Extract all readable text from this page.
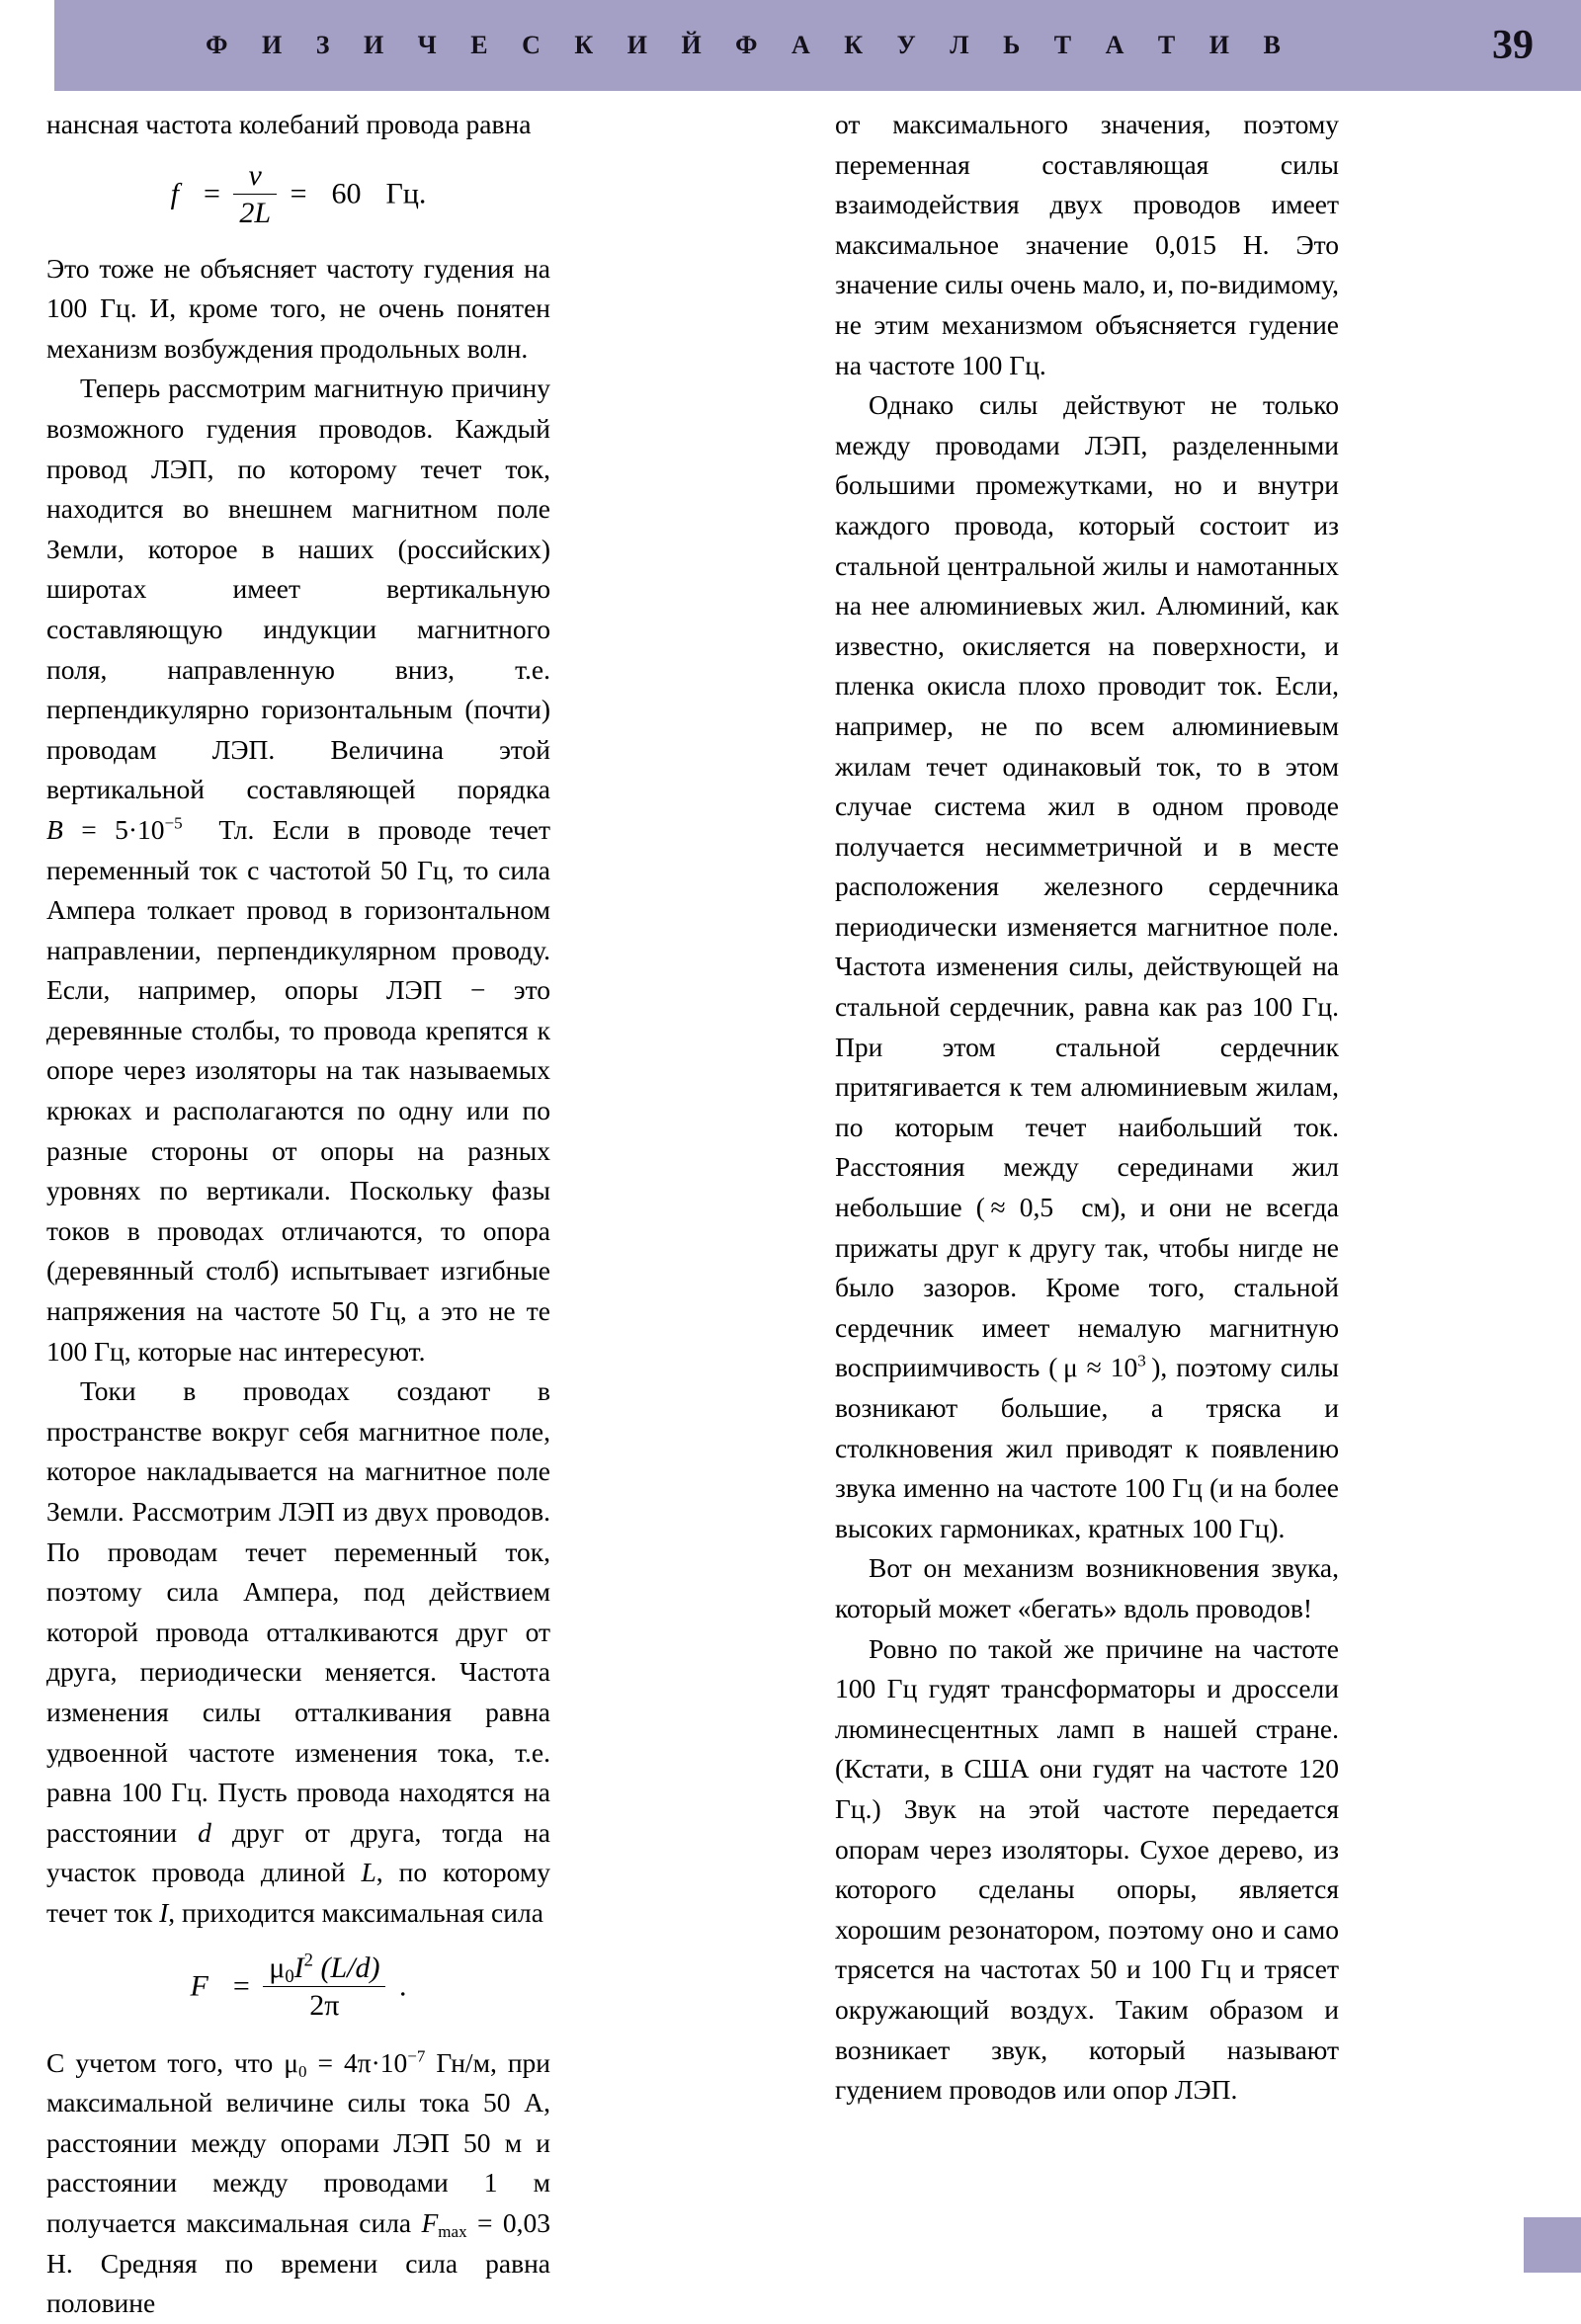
Ф И З И Ч Е С К И Й Ф А К У Л Ь Т А Т И В	39

нансная частота колебаний провода равна

$f = \frac{v}{2L} = 60$ Гц.

Это тоже не объясняет частоту гудения на 100 Гц. И, кроме того, не очень понятен механизм возбуждения продольных волн.

Теперь рассмотрим магнитную причину возможного гудения проводов. Каждый провод ЛЭП, по которому течет ток, находится во внешнем магнитном поле Земли, которое в наших (российских) широтах имеет вертикальную составляющую индукции магнитного поля, направленную вниз, т.е. перпендикулярно горизонтальным (почти) проводам ЛЭП. Величина этой вертикальной составляющей порядка $B = 5\cdot 10^{-5}$ Тл. Если в проводе течет переменный ток с частотой 50 Гц, то сила Ампера толкает провод в горизонтальном направлении, перпендикулярном проводу. Если, например, опоры ЛЭП − это деревянные столбы, то провода крепятся к опоре через изоляторы на так называемых крюках и располагаются по одну или по разные стороны от опоры на разных уровнях по вертикали. Поскольку фазы токов в проводах отличаются, то опора (деревянный столб) испытывает изгибные напряжения на частоте 50 Гц, а это не те 100 Гц, которые нас интересуют.

Токи в проводах создают в пространстве вокруг себя магнитное поле, которое накладывается на магнитное поле Земли. Рассмотрим ЛЭП из двух проводов. По проводам течет переменный ток, поэтому сила Ампера, под действием которой провода отталкиваются друг от друга, периодически меняется. Частота изменения силы отталкивания равна удвоенной частоте изменения тока, т.е. равна 100 Гц. Пусть провода находятся на расстоянии d друг от друга, тогда на участок провода длиной L, по которому течет ток I, приходится максимальная сила

$F = \frac{\mu_0I^2 (L/d)}{2\pi}$ .

С учетом того, что $\mu_0 = 4\pi\cdot 10^{-7}$ Гн/м, при максимальной величине силы тока 50 А, расстоянии между опорами ЛЭП 50 м и расстоянии между проводами 1 м получается максимальная сила $F_{max} = 0,03$ Н. Средняя по времени сила равна половине

от максимального значения, поэтому переменная составляющая силы взаимодействия двух проводов имеет максимальное значение 0,015 Н. Это значение силы очень мало, и, по-видимому, не этим механизмом объясняется гудение на частоте 100 Гц.

Однако силы действуют не только между проводами ЛЭП, разделенными большими промежутками, но и внутри каждого провода, который состоит из стальной центральной жилы и намотанных на нее алюминиевых жил. Алюминий, как известно, окисляется на поверхности, и пленка окисла плохо проводит ток. Если, например, не по всем алюминиевым жилам течет одинаковый ток, то в этом случае система жил в одном проводе получается несимметричной и в месте расположения железного сердечника периодически изменяется магнитное поле. Частота изменения силы, действующей на стальной сердечник, равна как раз 100 Гц. При этом стальной сердечник притягивается к тем алюминиевым жилам, по которым течет наибольший ток. Расстояния между серединами жил небольшие (  ≈ 0,5 см), и они не всегда прижаты друг к другу так, чтобы нигде не было зазоров. Кроме того, стальной сердечник имеет немалую магнитную восприимчивость (  $\mu \approx 10^3$  ), поэтому силы возникают большие, а тряска и столкновения жил приводят к появлению звука именно на частоте 100 Гц (и на более высоких гармониках, кратных 100 Гц).

Вот он механизм возникновения звука, который может «бегать» вдоль проводов!

Ровно по такой же причине на частоте 100 Гц гудят трансформаторы и дроссели люминесцентных ламп в нашей стране. (Кстати, в США они гудят на частоте 120 Гц.) Звук на этой частоте передается опорам через изоляторы. Сухое дерево, из которого сделаны опоры, является хорошим резонатором, поэтому оно и само трясется на частотах 50 и 100 Гц и трясет окружающий воздух. Таким образом и возникает звук, который называют гудением проводов или опор ЛЭП.
